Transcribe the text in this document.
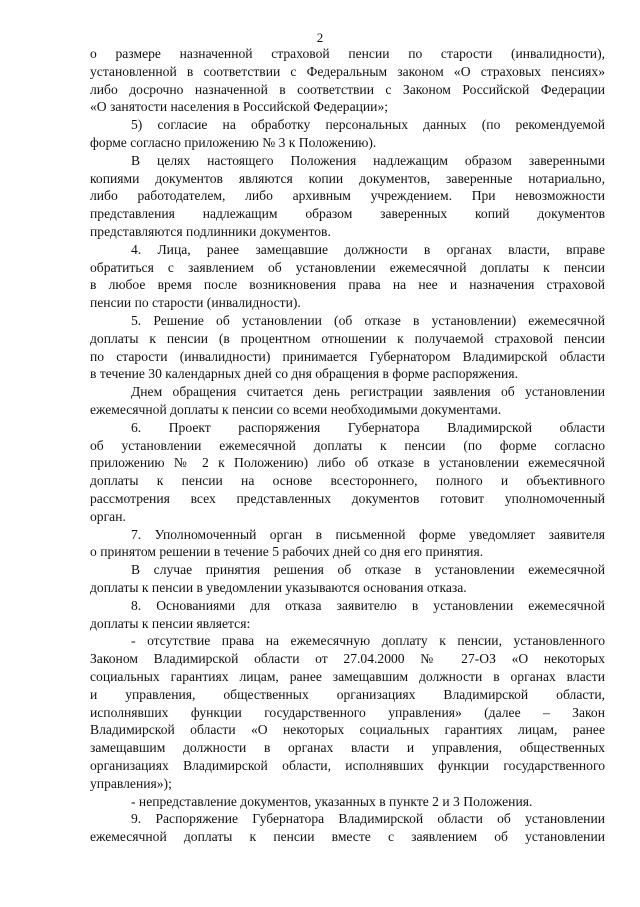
2
о размере назначенной страховой пенсии по старости (инвалидности),
установленной в соответствии с Федеральным законом «О страховых пенсиях»
либо досрочно назначенной в соответствии с Законом Российской Федерации
«О занятости населения в Российской Федерации»;
5) согласие на обработку персональных данных (по рекомендуемой
форме согласно приложению № 3 к Положению).
В целях настоящего Положения надлежащим образом заверенными
копиями документов являются копии документов, заверенные нотариально,
либо работодателем, либо архивным учреждением. При невозможности
представления надлежащим образом заверенных копий документов
представляются подлинники документов.
4. Лица, ранее замещавшие должности в органах власти, вправе
обратиться с заявлением об установлении ежемесячной доплаты к пенсии
в любое время после возникновения права на нее и назначения страховой
пенсии по старости (инвалидности).
5. Решение об установлении (об отказе в установлении) ежемесячной
доплаты к пенсии (в процентном отношении к получаемой страховой пенсии
по старости (инвалидности) принимается Губернатором Владимирской области
в течение 30 календарных дней со дня обращения в форме распоряжения.
Днем обращения считается день регистрации заявления об установлении
ежемесячной доплаты к пенсии со всеми необходимыми документами.
6. Проект распоряжения Губернатора Владимирской области
об установлении ежемесячной доплаты к пенсии (по форме согласно
приложению № 2 к Положению) либо об отказе в установлении ежемесячной
доплаты к пенсии на основе всестороннего, полного и объективного
рассмотрения всех представленных документов готовит уполномоченный
орган.
7. Уполномоченный орган в письменной форме уведомляет заявителя
о принятом решении в течение 5 рабочих дней со дня его принятия.
В случае принятия решения об отказе в установлении ежемесячной
доплаты к пенсии в уведомлении указываются основания отказа.
8. Основаниями для отказа заявителю в установлении ежемесячной
доплаты к пенсии является:
- отсутствие права на ежемесячную доплату к пенсии, установленного
Законом Владимирской области от 27.04.2000 № 27-ОЗ «О некоторых
социальных гарантиях лицам, ранее замещавшим должности в органах власти
и управления, общественных организациях Владимирской области,
исполнявших функции государственного управления» (далее – Закон
Владимирской области «О некоторых социальных гарантиях лицам, ранее
замещавшим должности в органах власти и управления, общественных
организациях Владимирской области, исполнявших функции государственного
управления»);
- непредставление документов, указанных в пункте 2 и 3 Положения.
9. Распоряжение Губернатора Владимирской области об установлении
ежемесячной доплаты к пенсии вместе с заявлением об установлении
